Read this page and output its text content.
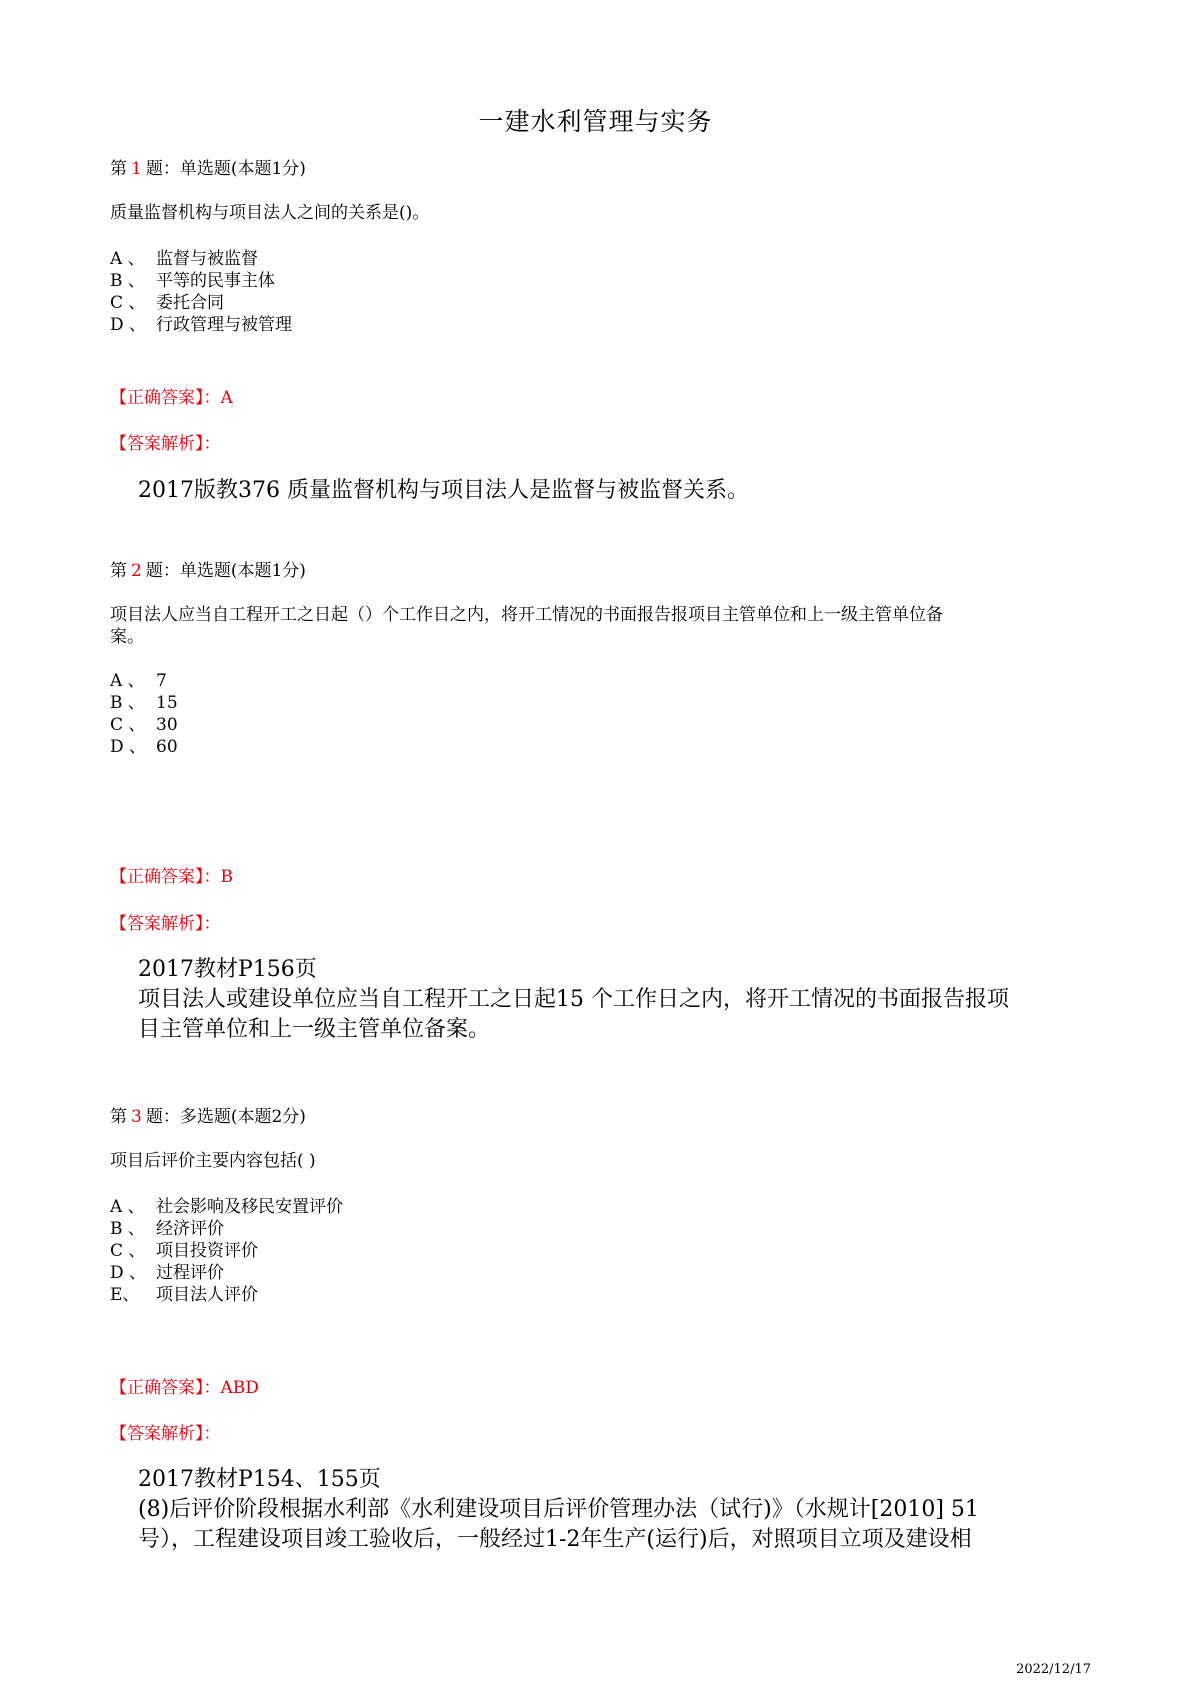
一建水利管理与实务
第 1 题：单选题(本题1分)
质量监督机构与项目法人之间的关系是()。
A 、 监督与被监督
B 、 平等的民事主体
C 、 委托合同
D 、 行政管理与被管理
【正确答案】：A
【答案解析】：
2017版教376 质量监督机构与项目法人是监督与被监督关系。
第 2 题：单选题(本题1分)
项目法人应当自工程开工之日起（）个工作日之内，将开工情况的书面报告报项目主管单位和上一级主管单位备
案。
A 、 7
B 、 15
C 、 30
D 、 60
【正确答案】：B
【答案解析】：
2017教材P156页
项目法人或建设单位应当自工程开工之日起15 个工作日之内，将开工情况的书面报告报项
目主管单位和上一级主管单位备案。
第 3 题：多选题(本题2分)
项目后评价主要内容包括( )
A 、 社会影响及移民安置评价
B 、 经济评价
C 、 项目投资评价
D 、 过程评价
E、 项目法人评价
【正确答案】：ABD
【答案解析】：
2017教材P154、155页
(8)后评价阶段根据水利部《水利建设项目后评价管理办法（试行)》（水规计[2010] 51
号），工程建设项目竣工验收后，一般经过1-2年生产(运行)后，对照项目立项及建设相
2022/12/17
